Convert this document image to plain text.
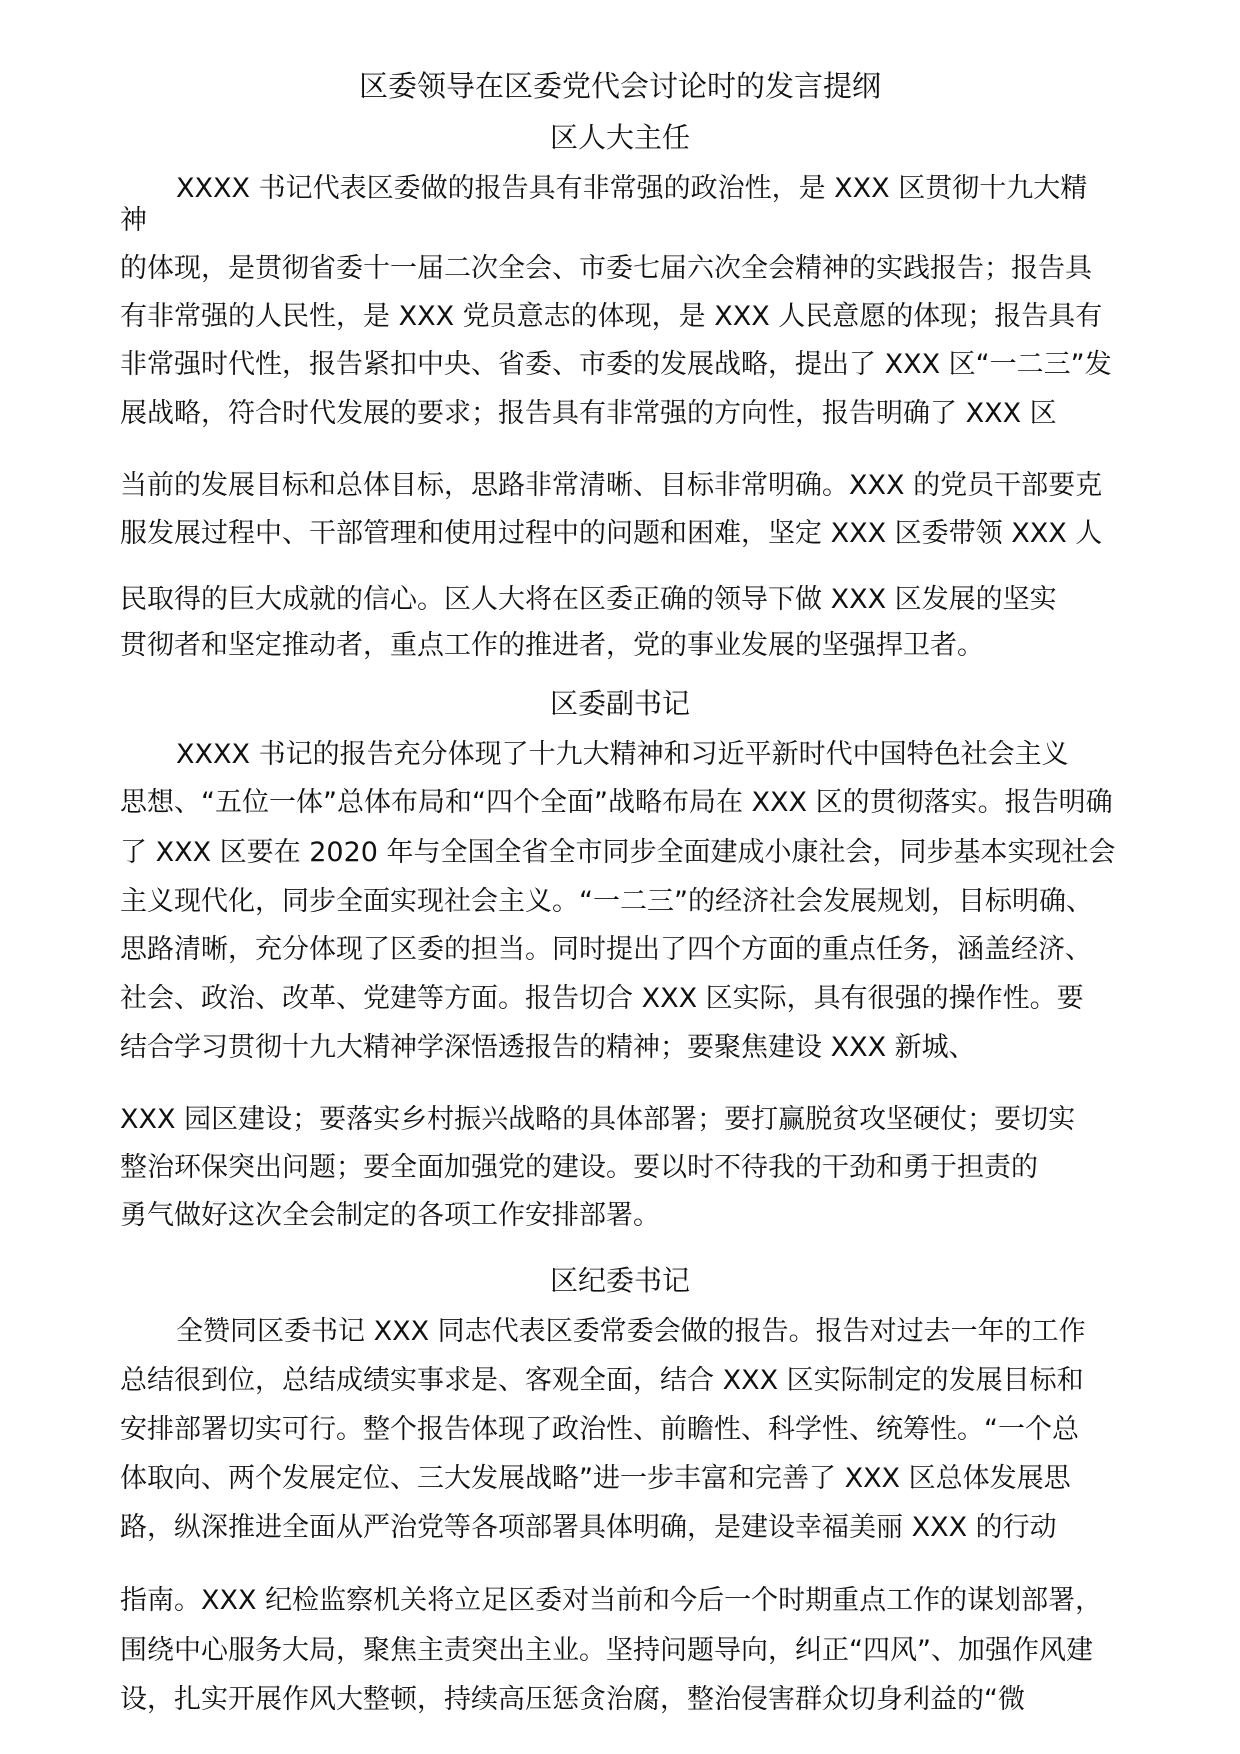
区委领导在区委党代会讨论时的发言提纲
区人大主任
XXXX 书记代表区委做的报告具有非常强的政治性，是 XXX 区贯彻十九大精
神
的体现，是贯彻省委十一届二次全会、市委七届六次全会精神的实践报告；报告具
有非常强的人民性，是 XXX 党员意志的体现，是 XXX 人民意愿的体现；报告具有
非常强时代性，报告紧扣中央、省委、市委的发展战略，提出了 XXX 区“一二三”发
展战略，符合时代发展的要求；报告具有非常强的方向性，报告明确了 XXX 区
当前的发展目标和总体目标，思路非常清晰、目标非常明确。XXX 的党员干部要克
服发展过程中、干部管理和使用过程中的问题和困难，坚定 XXX 区委带领 XXX 人
民取得的巨大成就的信心。区人大将在区委正确的领导下做 XXX 区发展的坚实
贯彻者和坚定推动者，重点工作的推进者，党的事业发展的坚强捍卫者。
区委副书记
XXXX 书记的报告充分体现了十九大精神和习近平新时代中国特色社会主义
思想、“五位一体”总体布局和“四个全面”战略布局在 XXX 区的贯彻落实。报告明确
了 XXX 区要在 2020 年与全国全省全市同步全面建成小康社会，同步基本实现社会
主义现代化，同步全面实现社会主义。“一二三”的经济社会发展规划，目标明确、
思路清晰，充分体现了区委的担当。同时提出了四个方面的重点任务，涵盖经济、
社会、政治、改革、党建等方面。报告切合 XXX 区实际，具有很强的操作性。要
结合学习贯彻十九大精神学深悟透报告的精神；要聚焦建设 XXX 新城、
XXX 园区建设；要落实乡村振兴战略的具体部署；要打赢脱贫攻坚硬仗；要切实
整治环保突出问题；要全面加强党的建设。要以时不待我的干劲和勇于担责的
勇气做好这次全会制定的各项工作安排部署。
区纪委书记
全赞同区委书记 XXX 同志代表区委常委会做的报告。报告对过去一年的工作
总结很到位，总结成绩实事求是、客观全面，结合 XXX 区实际制定的发展目标和
安排部署切实可行。整个报告体现了政治性、前瞻性、科学性、统筹性。“一个总
体取向、两个发展定位、三大发展战略”进一步丰富和完善了 XXX 区总体发展思
路，纵深推进全面从严治党等各项部署具体明确，是建设幸福美丽 XXX 的行动
指南。XXX 纪检监察机关将立足区委对当前和今后一个时期重点工作的谋划部署，
围绕中心服务大局，聚焦主责突出主业。坚持问题导向，纠正“四风”、加强作风建
设，扎实开展作风大整顿，持续高压惩贪治腐，整治侵害群众切身利益的“微
